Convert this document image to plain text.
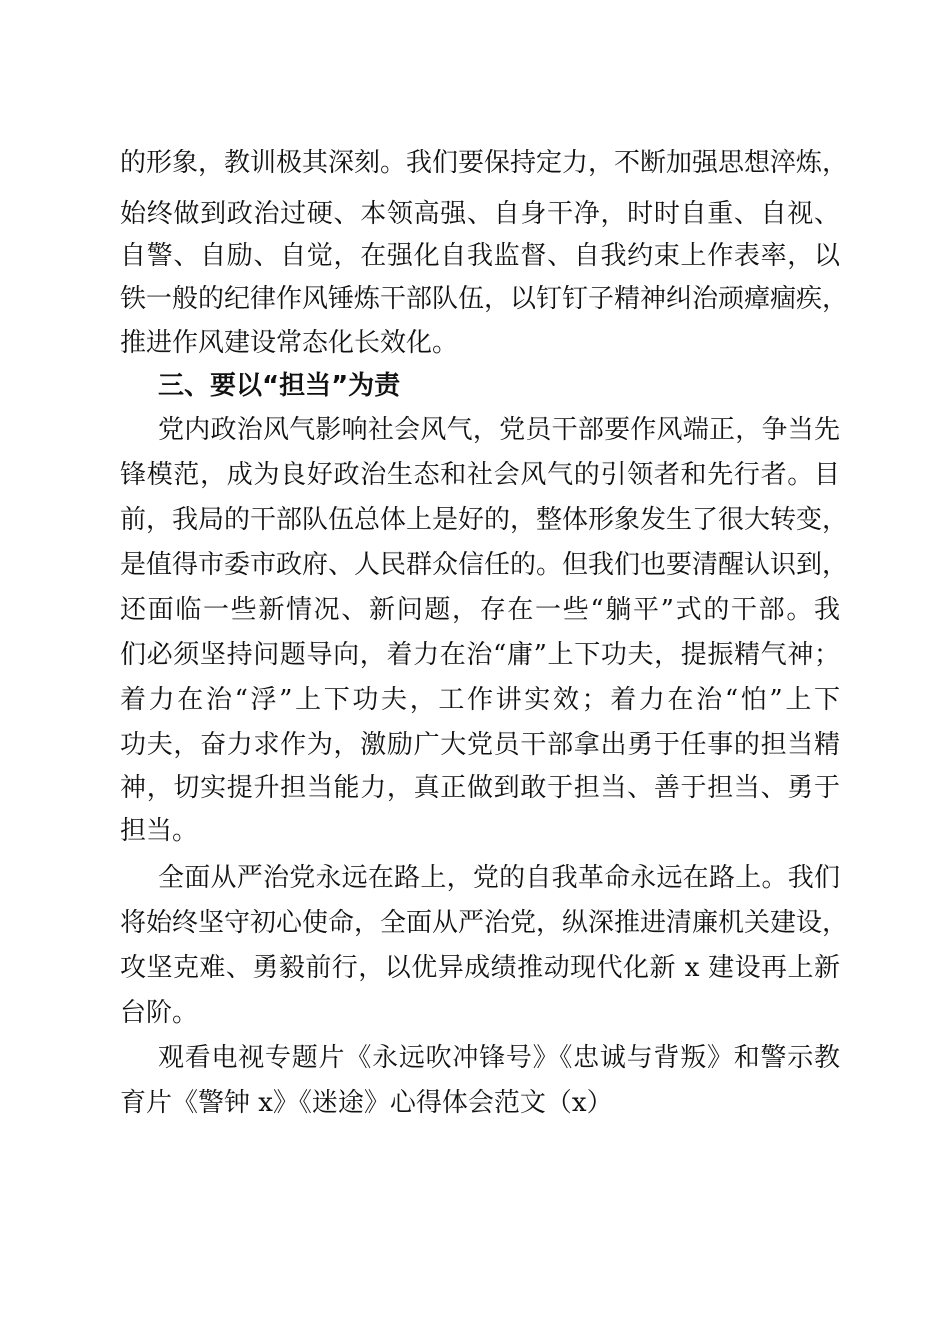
的形象，教训极其深刻。我们要保持定力，不断加强思想淬炼，
始终做到政治过硬、本领高强、自身干净，时时自重、自视、
自警、自励、自觉，在强化自我监督、自我约束上作表率，以
铁一般的纪律作风锤炼干部队伍，以钉钉子精神纠治顽瘴痼疾，
推进作风建设常态化长效化。
三、要以“担当”为责
党内政治风气影响社会风气，党员干部要作风端正，争当先
锋模范，成为良好政治生态和社会风气的引领者和先行者。目
前，我局的干部队伍总体上是好的，整体形象发生了很大转变，
是值得市委市政府、人民群众信任的。但我们也要清醒认识到，
还面临一些新情况、新问题，存在一些“躺平”式的干部。我
们必须坚持问题导向，着力在治“庸”上下功夫，提振精气神；
着力在治“浮”上下功夫，工作讲实效；着力在治“怕”上下
功夫，奋力求作为，激励广大党员干部拿出勇于任事的担当精
神，切实提升担当能力，真正做到敢于担当、善于担当、勇于
担当。
全面从严治党永远在路上，党的自我革命永远在路上。我们
将始终坚守初心使命，全面从严治党，纵深推进清廉机关建设，
攻坚克难、勇毅前行，以优异成绩推动现代化新 x 建设再上新
台阶。
观看电视专题片《永远吹冲锋号》《忠诚与背叛》和警示教
育片《警钟 x》《迷途》心得体会范文（x）
